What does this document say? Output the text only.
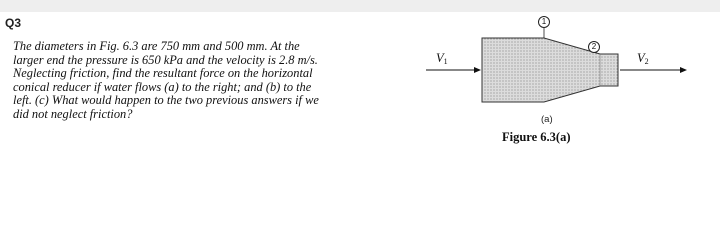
Q3
The diameters in Fig. 6.3 are 750 mm and 500 mm. At the
larger end the pressure is 650 kPa and the velocity is 2.8 m/s.
Neglecting friction, find the resultant force on the horizontal
conical reducer if water flows (a) to the right; and (b) to the
left. (c) What would happen to the two previous answers if we
did not neglect friction?
$V_1$	$V_2$
1
2
(a)
Figure 6.3(a)
